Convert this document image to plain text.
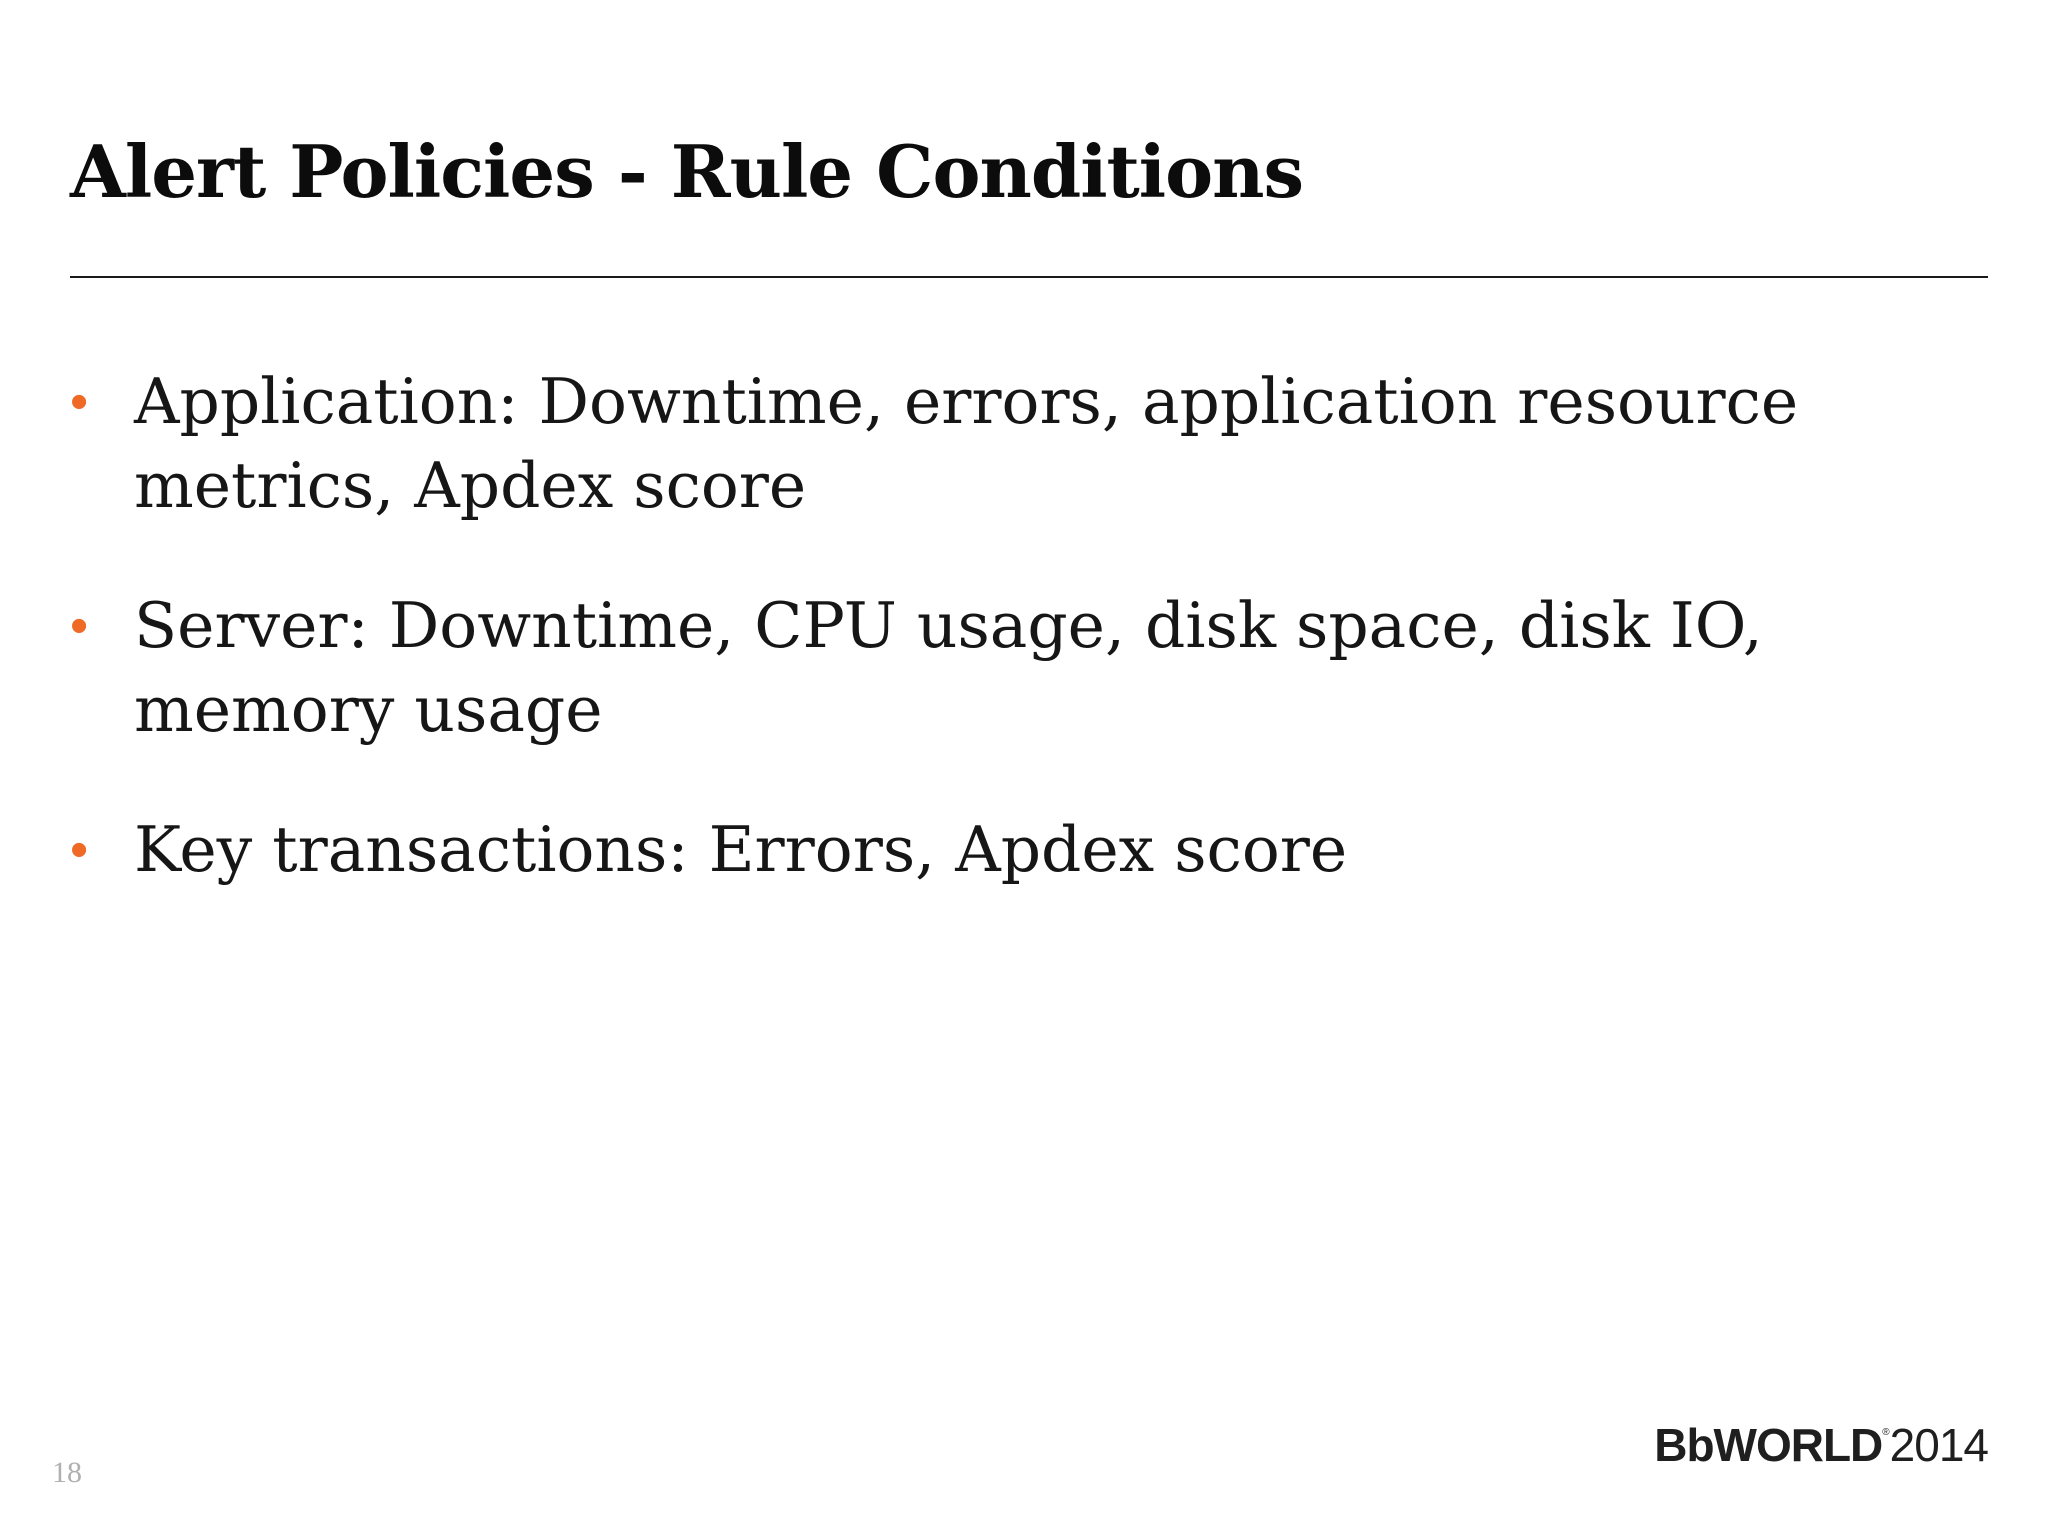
Alert Policies - Rule Conditions
• Application: Downtime, errors, application resource metrics, Apdex score
• Server: Downtime, CPU usage, disk space, disk IO, memory usage
• Key transactions: Errors, Apdex score
18
BbWORLD®2014
